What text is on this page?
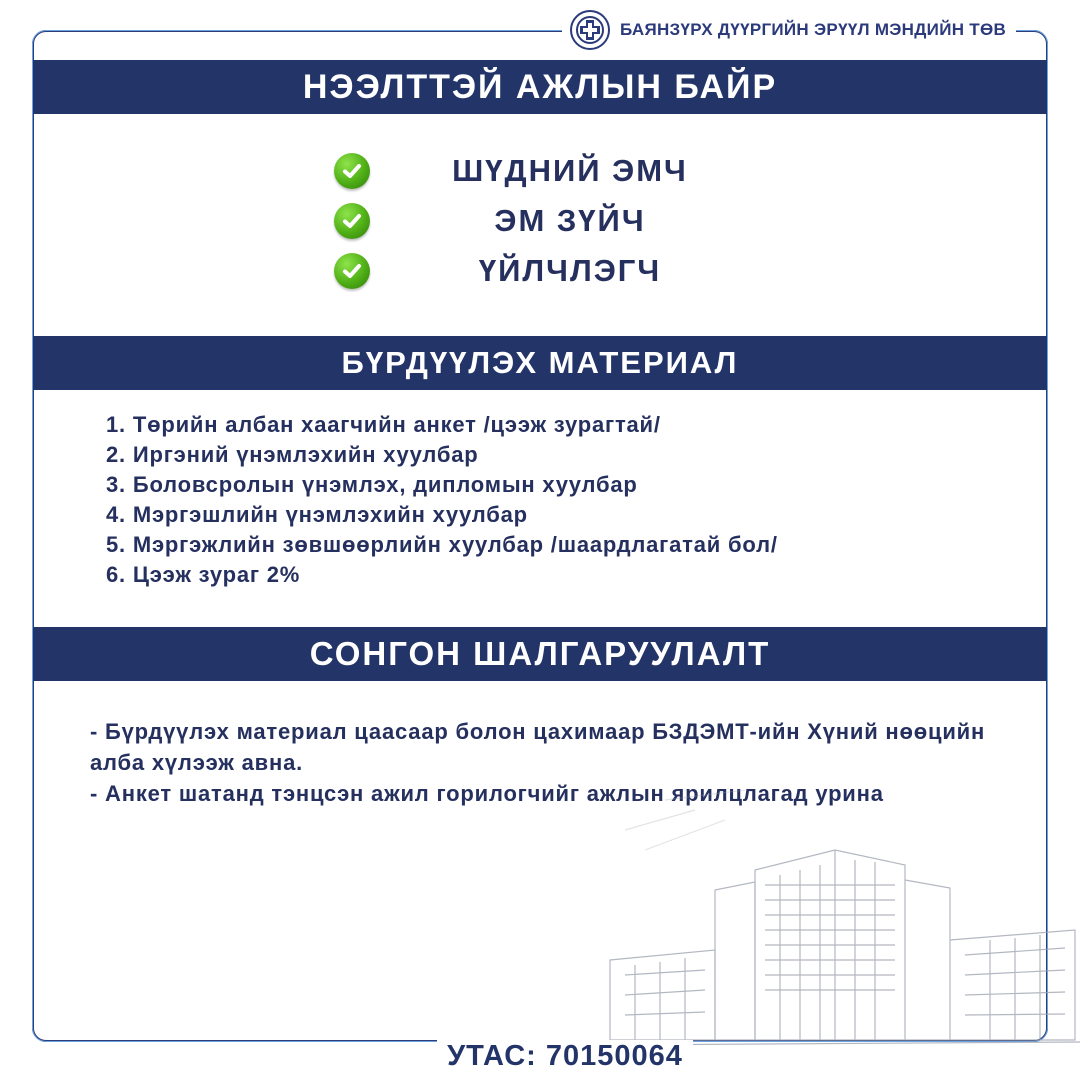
БАЯНЗҮРХ ДҮҮРГИЙН ЭРҮҮЛ МЭНДИЙН ТӨВ
НЭЭЛТТЭЙ АЖЛЫН БАЙР
БҮРДҮҮЛЭХ МАТЕРИАЛ
СОНГОН ШАЛГАРУУЛАЛТ
ШҮДНИЙ ЭМЧ
ЭМ ЗҮЙЧ
ҮЙЛЧЛЭГЧ
1. Төрийн албан хаагчийн анкет /цээж зурагтай/
2. Иргэний үнэмлэхийн хуулбар
3. Боловсролын үнэмлэх, дипломын хуулбар
4. Мэргэшлийн үнэмлэхийн хуулбар
5. Мэргэжлийн зөвшөөрлийн хуулбар /шаардлагатай бол/
6. Цээж зураг 2%

- Бүрдүүлэх материал цаасаар болон цахимаар БЗДЭМТ-ийн Хүний нөөцийн алба хүлээж авна.

- Анкет шатанд тэнцсэн ажил горилогчийг ажлын ярилцлагад урина

УТАС: 70150064
